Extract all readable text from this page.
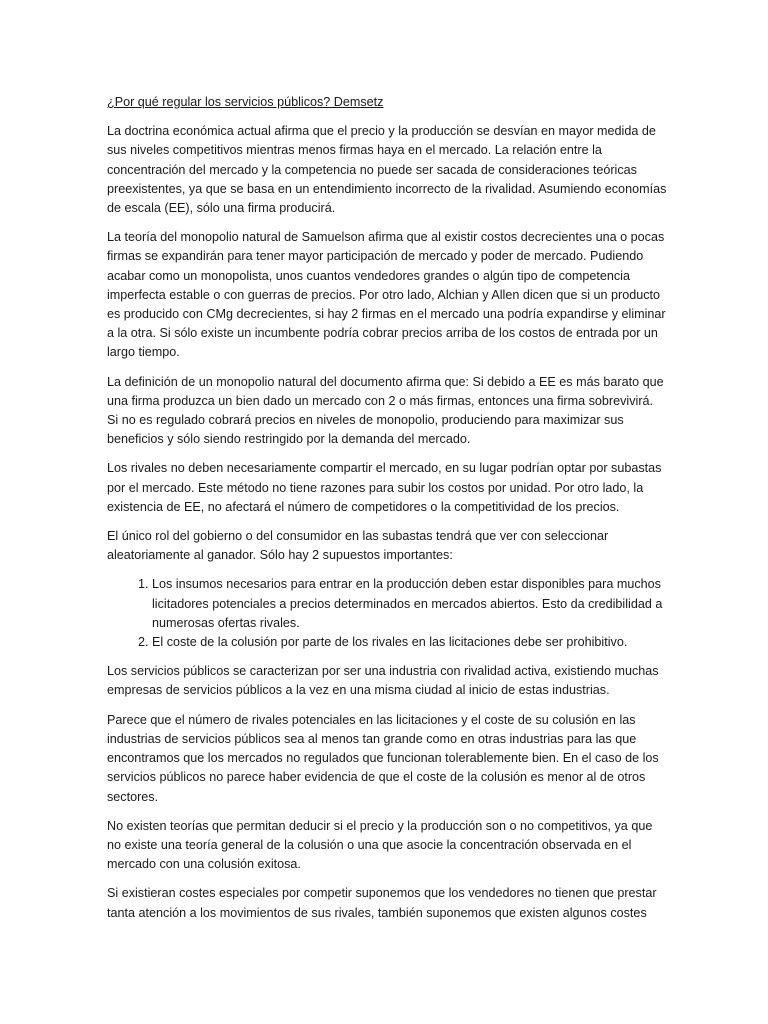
¿Por qué regular los servicios públicos? Demsetz

La doctrina económica actual afirma que el precio y la producción se desvían en mayor medida de sus niveles competitivos mientras menos firmas haya en el mercado. La relación entre la concentración del mercado y la competencia no puede ser sacada de consideraciones teóricas preexistentes, ya que se basa en un entendimiento incorrecto de la rivalidad. Asumiendo economías de escala (EE), sólo una firma producirá.

La teoría del monopolio natural de Samuelson afirma que al existir costos decrecientes una o pocas firmas se expandirán para tener mayor participación de mercado y poder de mercado. Pudiendo acabar como un monopolista, unos cuantos vendedores grandes o algún tipo de competencia imperfecta estable o con guerras de precios. Por otro lado, Alchian y Allen dicen que si un producto es producido con CMg decrecientes, si hay 2 firmas en el mercado una podría expandirse y eliminar a la otra. Si sólo existe un incumbente podría cobrar precios arriba de los costos de entrada por un largo tiempo.

La definición de un monopolio natural del documento afirma que: Si debido a EE es más barato que una firma produzca un bien dado un mercado con 2 o más firmas, entonces una firma sobrevivirá. Si no es regulado cobrará precios en niveles de monopolio, produciendo para maximizar sus beneficios y sólo siendo restringido por la demanda del mercado.

Los rivales no deben necesariamente compartir el mercado, en su lugar podrían optar por subastas por el mercado. Este método no tiene razones para subir los costos por unidad. Por otro lado, la existencia de EE, no afectará el número de competidores o la competitividad de los precios.

El único rol del gobierno o del consumidor en las subastas tendrá que ver con seleccionar aleatoriamente al ganador. Sólo hay 2 supuestos importantes:

1. Los insumos necesarios para entrar en la producción deben estar disponibles para muchos licitadores potenciales a precios determinados en mercados abiertos. Esto da credibilidad a numerosas ofertas rivales.
2. El coste de la colusión por parte de los rivales en las licitaciones debe ser prohibitivo.

Los servicios públicos se caracterizan por ser una industria con rivalidad activa, existiendo muchas empresas de servicios públicos a la vez en una misma ciudad al inicio de estas industrias.

Parece que el número de rivales potenciales en las licitaciones y el coste de su colusión en las industrias de servicios públicos sea al menos tan grande como en otras industrias para las que encontramos que los mercados no regulados que funcionan tolerablemente bien. En el caso de los servicios públicos no parece haber evidencia de que el coste de la colusión es menor al de otros sectores.

No existen teorías que permitan deducir si el precio y la producción son o no competitivos, ya que no existe una teoría general de la colusión o una que asocie la concentración observada en el mercado con una colusión exitosa.

Si existieran costes especiales por competir suponemos que los vendedores no tienen que prestar tanta atención a los movimientos de sus rivales, también suponemos que existen algunos costes
